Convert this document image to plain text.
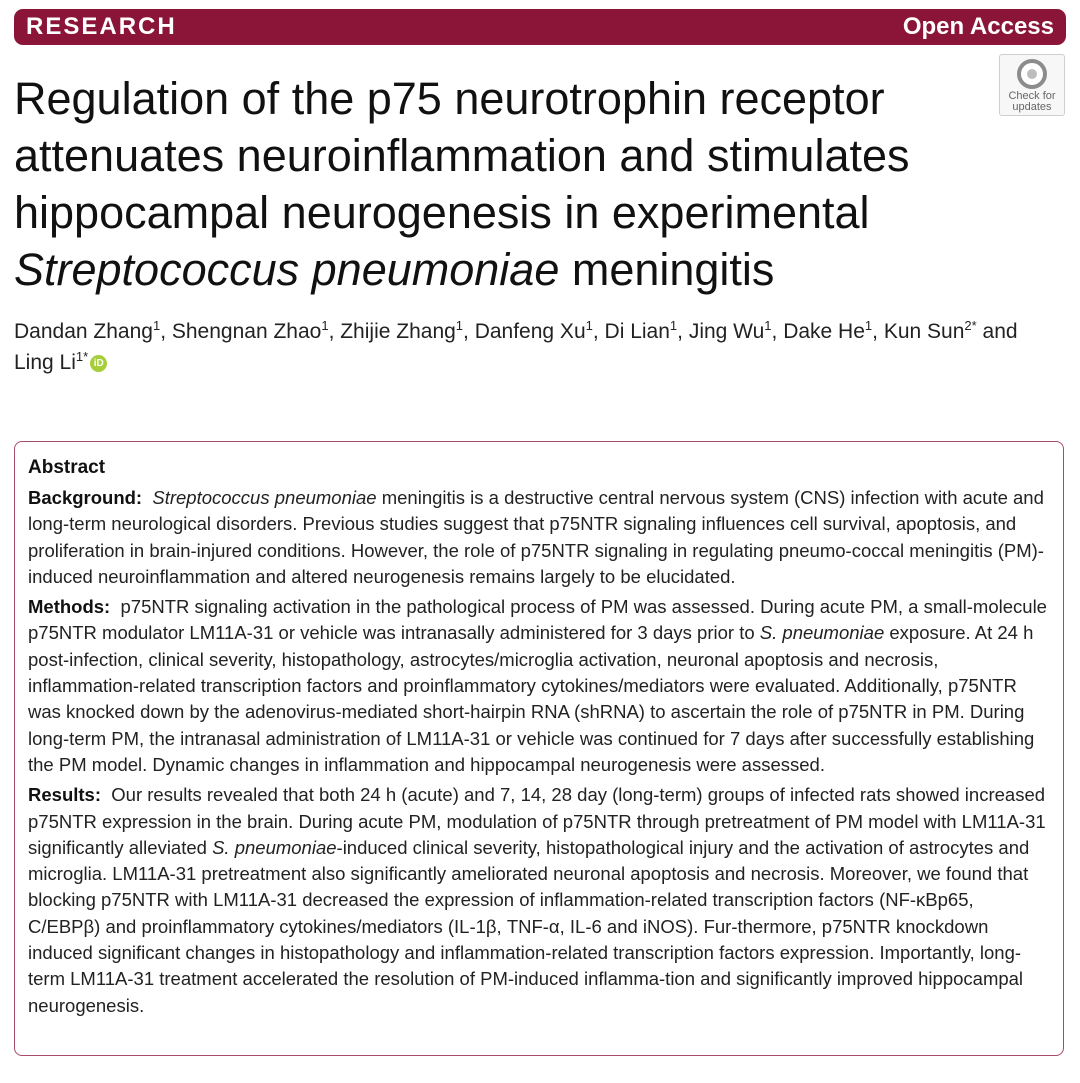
RESEARCH	Open Access
Regulation of the p75 neurotrophin receptor
attenuates neuroinflammation and stimulates
hippocampal neurogenesis in experimental
Streptococcus pneumoniae meningitis
Check for
updates
Dandan Zhang$^1$, Shengnan Zhao$^1$, Zhijie Zhang$^1$, Danfeng Xu$^1$, Di Lian$^1$, Jing Wu$^1$, Dake He$^1$, Kun Sun$^{2*}$ and Ling $Li^{1*}$ iD
Abstract

Background: Streptococcus pneumoniae meningitis is a destructive central nervous system (CNS) infection with acute and long-term neurological disorders. Previous studies suggest that p75NTR signaling influences cell survival, apoptosis, and proliferation in brain-injured conditions. However, the role of p75NTR signaling in regulating pneumo-coccal meningitis (PM)-induced neuroinflammation and altered neurogenesis remains largely to be elucidated.

Methods: p75NTR signaling activation in the pathological process of PM was assessed. During acute PM, a small-molecule p75NTR modulator LM11A-31 or vehicle was intranasally administered for 3 days prior to S. pneumoniae exposure. At 24 h post-infection, clinical severity, histopathology, astrocytes/microglia activation, neuronal apoptosis and necrosis, inflammation-related transcription factors and proinflammatory cytokines/mediators were evaluated. Additionally, p75NTR was knocked down by the adenovirus-mediated short-hairpin RNA (shRNA) to ascertain the role of p75NTR in PM. During long-term PM, the intranasal administration of LM11A-31 or vehicle was continued for 7 days after successfully establishing the PM model. Dynamic changes in inflammation and hippocampal neurogenesis were assessed.

Results: Our results revealed that both 24 h (acute) and 7, 14, 28 day (long-term) groups of infected rats showed increased p75NTR expression in the brain. During acute PM, modulation of p75NTR through pretreatment of PM model with LM11A-31 significantly alleviated S. pneumoniae-induced clinical severity, histopathological injury and the activation of astrocytes and microglia. LM11A-31 pretreatment also significantly ameliorated neuronal apoptosis and necrosis. Moreover, we found that blocking p75NTR with LM11A-31 decreased the expression of inflammation-related transcription factors (NF-κBp65, C/EBPβ) and proinflammatory cytokines/mediators (IL-1β, TNF-α, IL-6 and iNOS). Fur-thermore, p75NTR knockdown induced significant changes in histopathology and inflammation-related transcription factors expression. Importantly, long-term LM11A-31 treatment accelerated the resolution of PM-induced inflamma-tion and significantly improved hippocampal neurogenesis.
